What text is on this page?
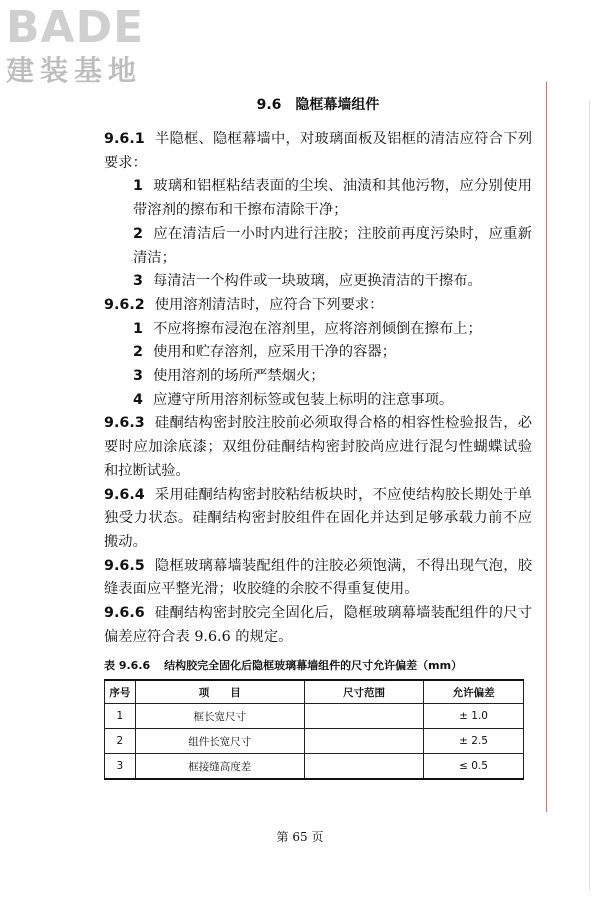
BADE
建装基地
9.6　隐框幕墙组件

9.6.1 半隐框、隐框幕墙中，对玻璃面板及铝框的清洁应符合下列要求：

1 玻璃和铝框粘结表面的尘埃、油渍和其他污物，应分别使用带溶剂的擦布和干擦布清除干净；

2 应在清洁后一小时内进行注胶；注胶前再度污染时，应重新清洁；

3 每清洁一个构件或一块玻璃，应更换清洁的干擦布。

9.6.2 使用溶剂清洁时，应符合下列要求：

1 不应将擦布浸泡在溶剂里，应将溶剂倾倒在擦布上；

2 使用和贮存溶剂，应采用干净的容器；

3 使用溶剂的场所严禁烟火；

4 应遵守所用溶剂标签或包装上标明的注意事项。

9.6.3 硅酮结构密封胶注胶前必须取得合格的相容性检验报告，必要时应加涂底漆；双组份硅酮结构密封胶尚应进行混匀性蝴蝶试验和拉断试验。

9.6.4 采用硅酮结构密封胶粘结板块时，不应使结构胶长期处于单独受力状态。硅酮结构密封胶组件在固化并达到足够承载力前不应搬动。

9.6.5 隐框玻璃幕墙装配组件的注胶必须饱满，不得出现气泡，胶缝表面应平整光滑；收胶缝的余胶不得重复使用。

9.6.6 硅酮结构密封胶完全固化后，隐框玻璃幕墙装配组件的尺寸偏差应符合表 9.6.6 的规定。

表 9.6.6 结构胶完全固化后隐框玻璃幕墙组件的尺寸允许偏差（mm）
序号	项　　目	尺寸范围	允许偏差
1	框长宽尺寸		± 1.0
2	组件长宽尺寸		± 2.5
3	框接缝高度差		≤ 0.5
第 65 页
